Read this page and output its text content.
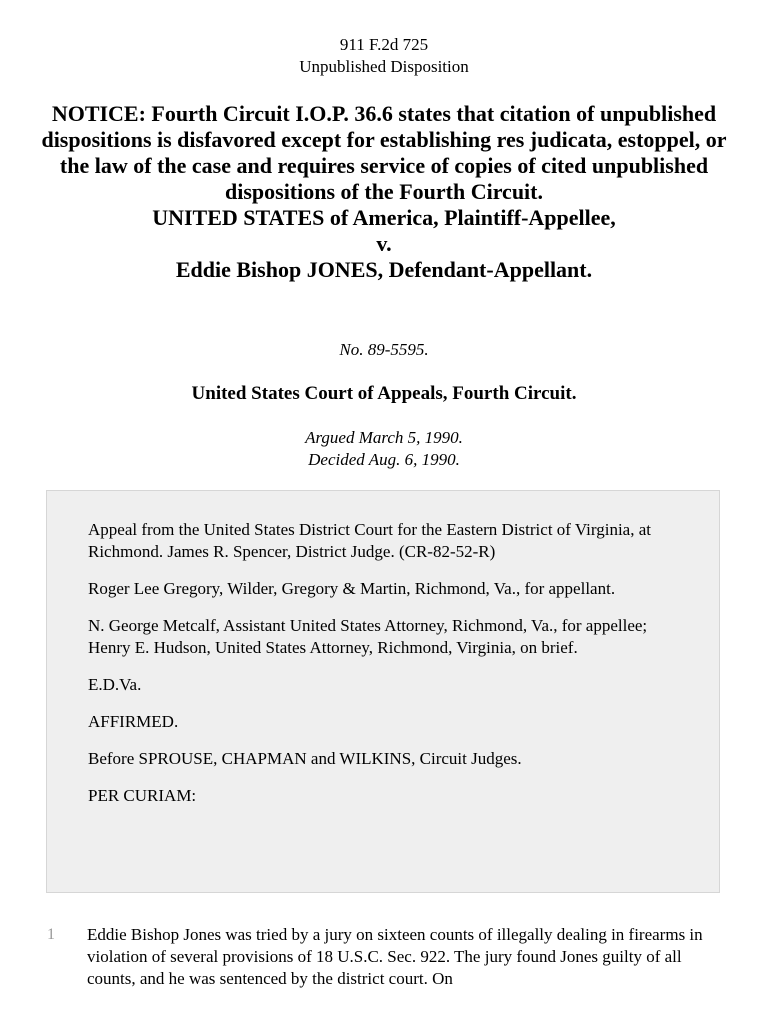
911 F.2d 725
Unpublished Disposition
NOTICE: Fourth Circuit I.O.P. 36.6 states that citation of unpublished dispositions is disfavored except for establishing res judicata, estoppel, or the law of the case and requires service of copies of cited unpublished dispositions of the Fourth Circuit.
UNITED STATES of America, Plaintiff-Appellee,
v.
Eddie Bishop JONES, Defendant-Appellant.
No. 89-5595.
United States Court of Appeals, Fourth Circuit.
Argued March 5, 1990.
Decided Aug. 6, 1990.

Appeal from the United States District Court for the Eastern District of Virginia, at Richmond. James R. Spencer, District Judge. (CR-82-52-R)

Roger Lee Gregory, Wilder, Gregory & Martin, Richmond, Va., for appellant.

N. George Metcalf, Assistant United States Attorney, Richmond, Va., for appellee; Henry E. Hudson, United States Attorney, Richmond, Virginia, on brief.

E.D.Va.

AFFIRMED.

Before SPROUSE, CHAPMAN and WILKINS, Circuit Judges.

PER CURIAM:

1 Eddie Bishop Jones was tried by a jury on sixteen counts of illegally dealing in firearms in violation of several provisions of 18 U.S.C. Sec. 922. The jury found Jones guilty of all counts, and he was sentenced by the district court. On
